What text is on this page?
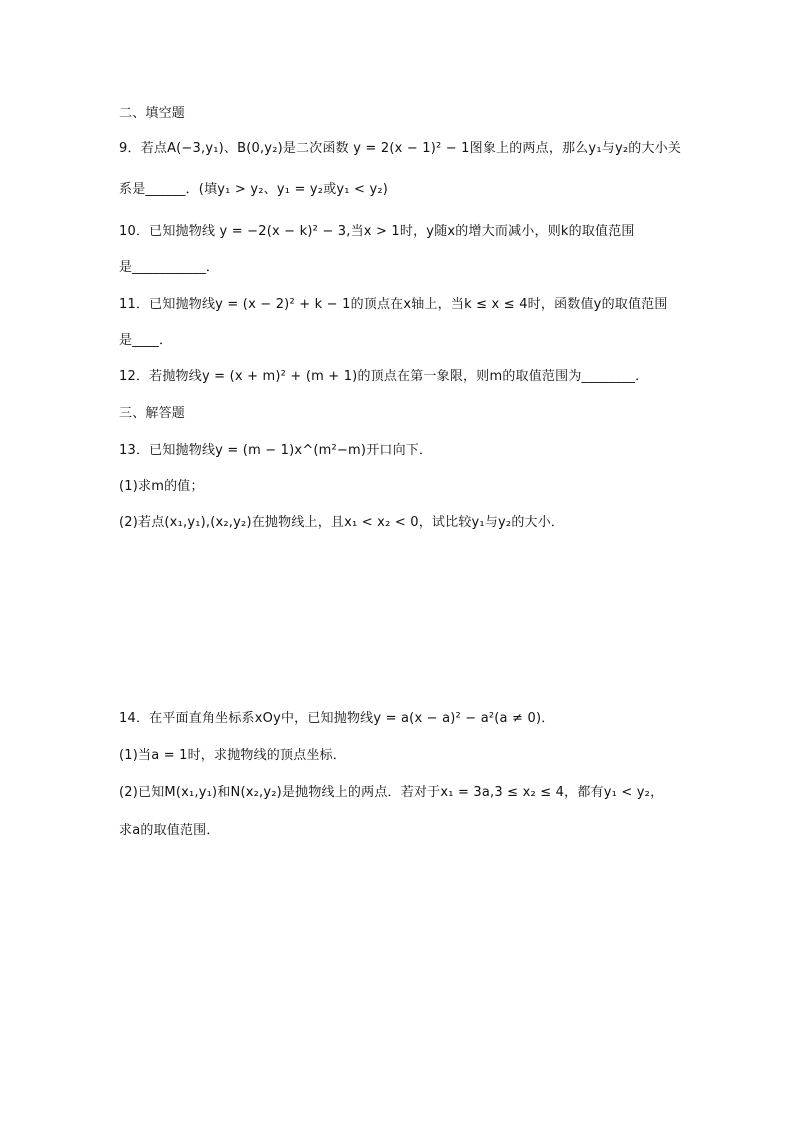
二、填空题
9．若点A(−3,y₁)、B(0,y₂)是二次函数 y = 2(x − 1)² − 1图象上的两点，那么y₁与y₂的大小关
系是______．(填y₁ > y₂、y₁ = y₂或y₁ < y₂)
10．已知抛物线 y = −2(x − k)² − 3,当x > 1时，y随x的增大而减小，则k的取值范围
是___________．
11．已知抛物线y = (x − 2)² + k − 1的顶点在x轴上，当k ≤ x ≤ 4时，函数值y的取值范围
是____．
12．若抛物线y = (x + m)² + (m + 1)的顶点在第一象限，则m的取值范围为________．
三、解答题
13．已知抛物线y = (m − 1)x^(m²−m)开口向下．
(1)求m的值；
(2)若点(x₁,y₁),(x₂,y₂)在抛物线上，且x₁ < x₂ < 0，试比较y₁与y₂的大小．
14．在平面直角坐标系xOy中，已知抛物线y = a(x − a)² − a²(a ≠ 0)．
(1)当a = 1时，求抛物线的顶点坐标．
(2)已知M(x₁,y₁)和N(x₂,y₂)是抛物线上的两点．若对于x₁ = 3a,3 ≤ x₂ ≤ 4，都有y₁ < y₂，
求a的取值范围．
